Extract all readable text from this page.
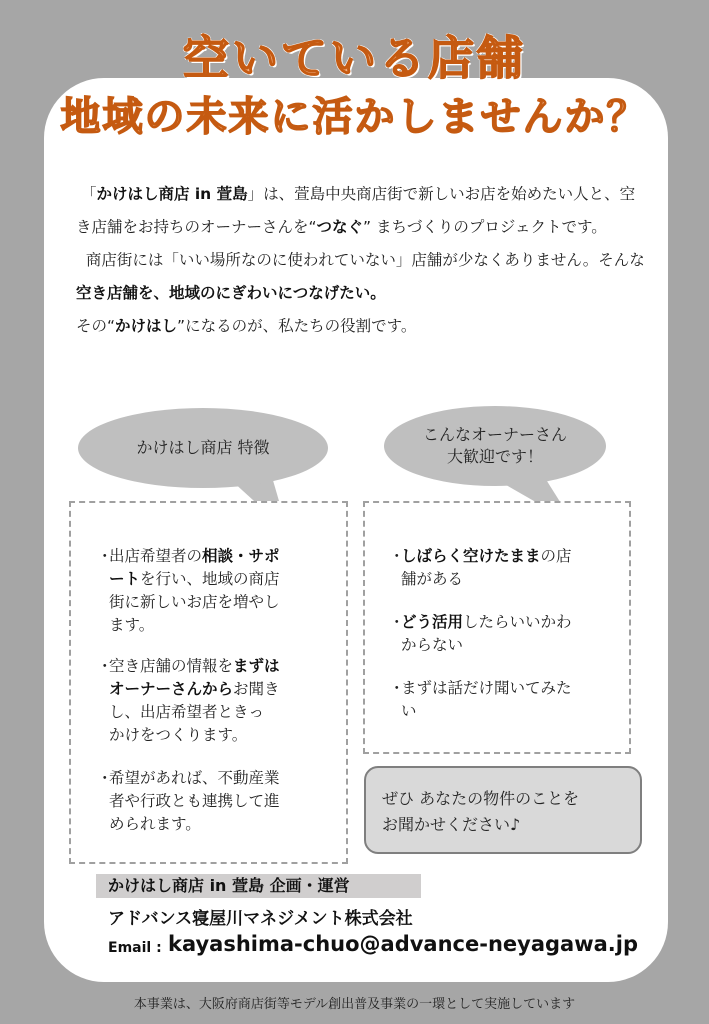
空いている店舗
地域の未来に活かしませんか？

「かけはし商店 in 萱島」は、萱島中央商店街で新しいお店を始めたい人と、空き店舗をお持ちのオーナーさんを“つなぐ” まちづくりのプロジェクトです。

商店街には「いい場所なのに使われていない」店舗が少なくありません。そんな空き店舗を、地域のにぎわいにつなげたい。

その“かけはし”になるのが、私たちの役割です。

かけはし商店 特徴
こんなオーナーさん
大歓迎です！
・
出店希望者の相談・サポ
ートを行い、地域の商店
街に新しいお店を増やし
ます。
・
空き店舗の情報をまずは
オーナーさんからお聞き
し、出店希望者ときっ
かけをつくります。
・
希望があれば、不動産業
者や行政とも連携して進
められます。
・
しばらく空けたままの店
舗がある
・
どう活用したらいいかわ
からない
・
まずは話だけ聞いてみた
い
ぜひ あなたの物件のことを
お聞かせください♪
かけはし商店 in 萱島 企画・運営
アドバンス寝屋川マネジメント株式会社
Email : kayashima-chuo@advance-neyagawa.jp
本事業は、大阪府商店街等モデル創出普及事業の一環として実施しています
